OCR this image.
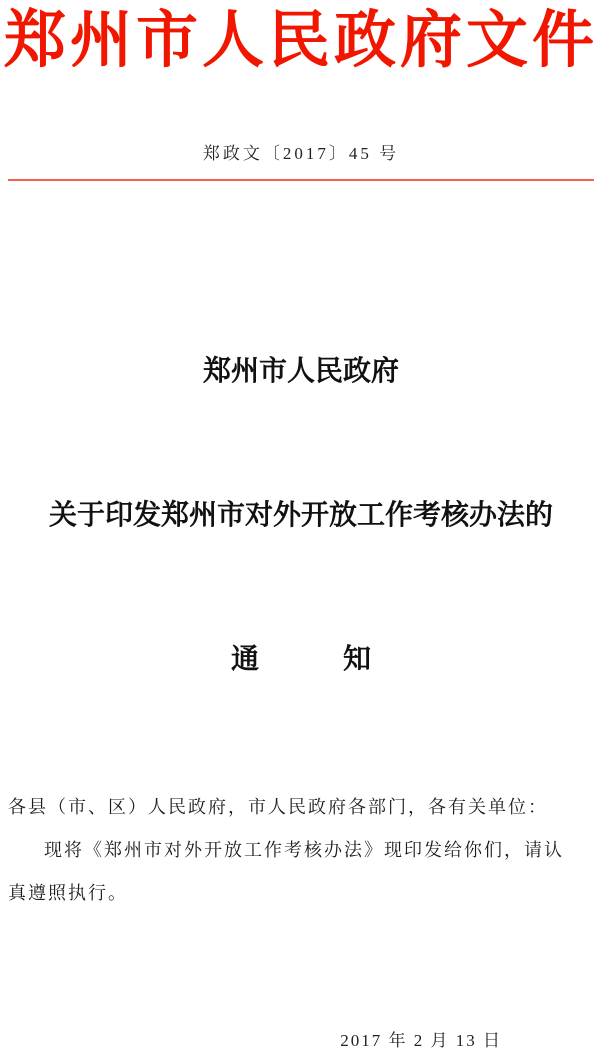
郑州市人民政府文件
郑政文〔2017〕45 号

郑州市人民政府

关于印发郑州市对外开放工作考核办法的

通　　　知

各县（市、区）人民政府，市人民政府各部门，各有关单位：
现将《郑州市对外开放工作考核办法》现印发给你们，请认
真遵照执行。
2017 年 2 月 13 日
